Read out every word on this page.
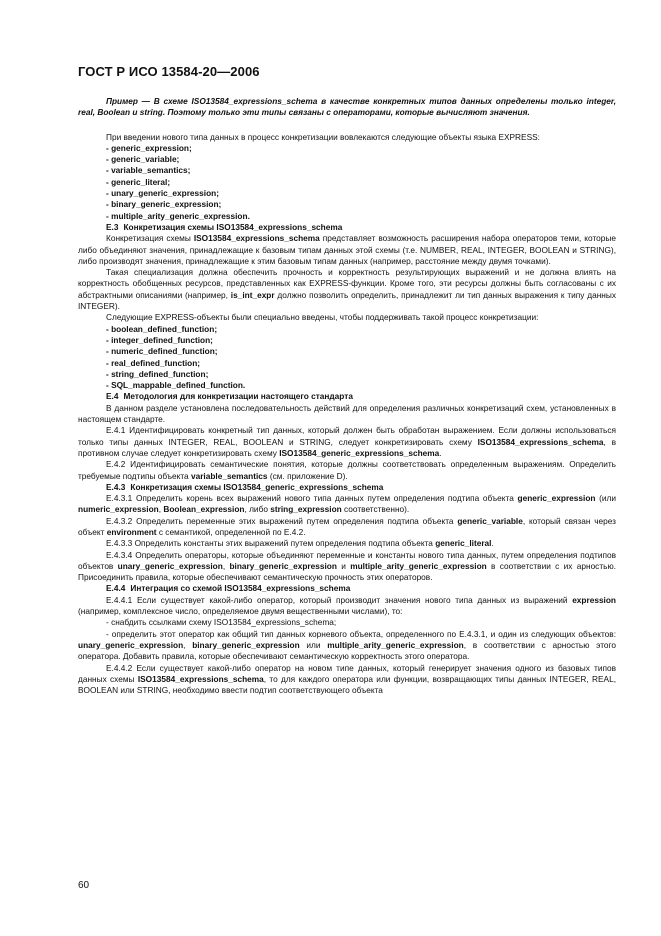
ГОСТ Р ИСО 13584-20—2006

Пример — В схеме ISO13584_expressions_schema в качестве конкретных типов данных определены только integer, real, Boolean и string. Поэтому только эти типы связаны с операторами, которые вычисляют значения.

При введении нового типа данных в процесс конкретизации вовлекаются следующие объекты языка EXPRESS:

- generic_expression;

- generic_variable;

- variable_semantics;

- generic_literal;

- unary_generic_expression;

- binary_generic_expression;

- multiple_arity_generic_expression.

E.3 Конкретизация схемы ISO13584_expressions_schema

Конкретизация схемы ISO13584_expressions_schema представляет возможность расширения набора операторов теми, которые либо объединяют значения, принадлежащие к базовым типам данных этой схемы (т.е. NUMBER, REAL, INTEGER, BOOLEAN и STRING), либо производят значения, принадлежащие к этим базовым типам данных (например, расстояние между двумя точками).

Такая специализация должна обеспечить прочность и корректность результирующих выражений и не должна влиять на корректность обобщенных ресурсов, представленных как EXPRESS-функции. Кроме того, эти ресурсы должны быть согласованы с их абстрактными описаниями (например, is_int_expr должно позволить определить, принадлежит ли тип данных выражения к типу данных INTEGER).

Следующие EXPRESS-объекты были специально введены, чтобы поддерживать такой процесс конкретизации:

- boolean_defined_function;

- integer_defined_function;

- numeric_defined_function;

- real_defined_function;

- string_defined_function;

- SQL_mappable_defined_function.

E.4 Методология для конкретизации настоящего стандарта

В данном разделе установлена последовательность действий для определения различных конкретизаций схем, установленных в настоящем стандарте.

E.4.1 Идентифицировать конкретный тип данных, который должен быть обработан выражением. Если должны использоваться только типы данных INTEGER, REAL, BOOLEAN и STRING, следует конкретизировать схему ISO13584_expressions_schema, в противном случае следует конкретизировать схему ISO13584_generic_expressions_schema.

E.4.2 Идентифицировать семантические понятия, которые должны соответствовать определенным выражениям. Определить требуемые подтипы объекта variable_semantics (см. приложение D).

E.4.3 Конкретизация схемы ISO13584_generic_expressions_schema

E.4.3.1 Определить корень всех выражений нового типа данных путем определения подтипа объекта generic_expression (или numeric_expression, Boolean_expression, либо string_expression соответственно).

E.4.3.2 Определить переменные этих выражений путем определения подтипа объекта generic_variable, который связан через объект environment с семантикой, определенной по E.4.2.

E.4.3.3 Определить константы этих выражений путем определения подтипа объекта generic_literal.

E.4.3.4 Определить операторы, которые объединяют переменные и константы нового типа данных, путем определения подтипов объектов unary_generic_expression, binary_generic_expression и multiple_arity_generic_expression в соответствии с их арностью. Присоединить правила, которые обеспечивают семантическую прочность этих операторов.

E.4.4 Интеграция со схемой ISO13584_expressions_schema

E.4.4.1 Если существует какой-либо оператор, который производит значения нового типа данных из выражений expression (например, комплексное число, определяемое двумя вещественными числами), то:

- снабдить ссылками схему ISO13584_expressions_schema;

- определить этот оператор как общий тип данных корневого объекта, определенного по E.4.3.1, и один из следующих объектов: unary_generic_expression, binary_generic_expression или multiple_arity_generic_expression, в соответствии с арностью этого оператора. Добавить правила, которые обеспечивают семантическую корректность этого оператора.

E.4.4.2 Если существует какой-либо оператор на новом типе данных, который генерирует значения одного из базовых типов данных схемы ISO13584_expressions_schema, то для каждого оператора или функции, возвращающих типы данных INTEGER, REAL, BOOLEAN или STRING, необходимо ввести подтип соответствующего объекта

60
